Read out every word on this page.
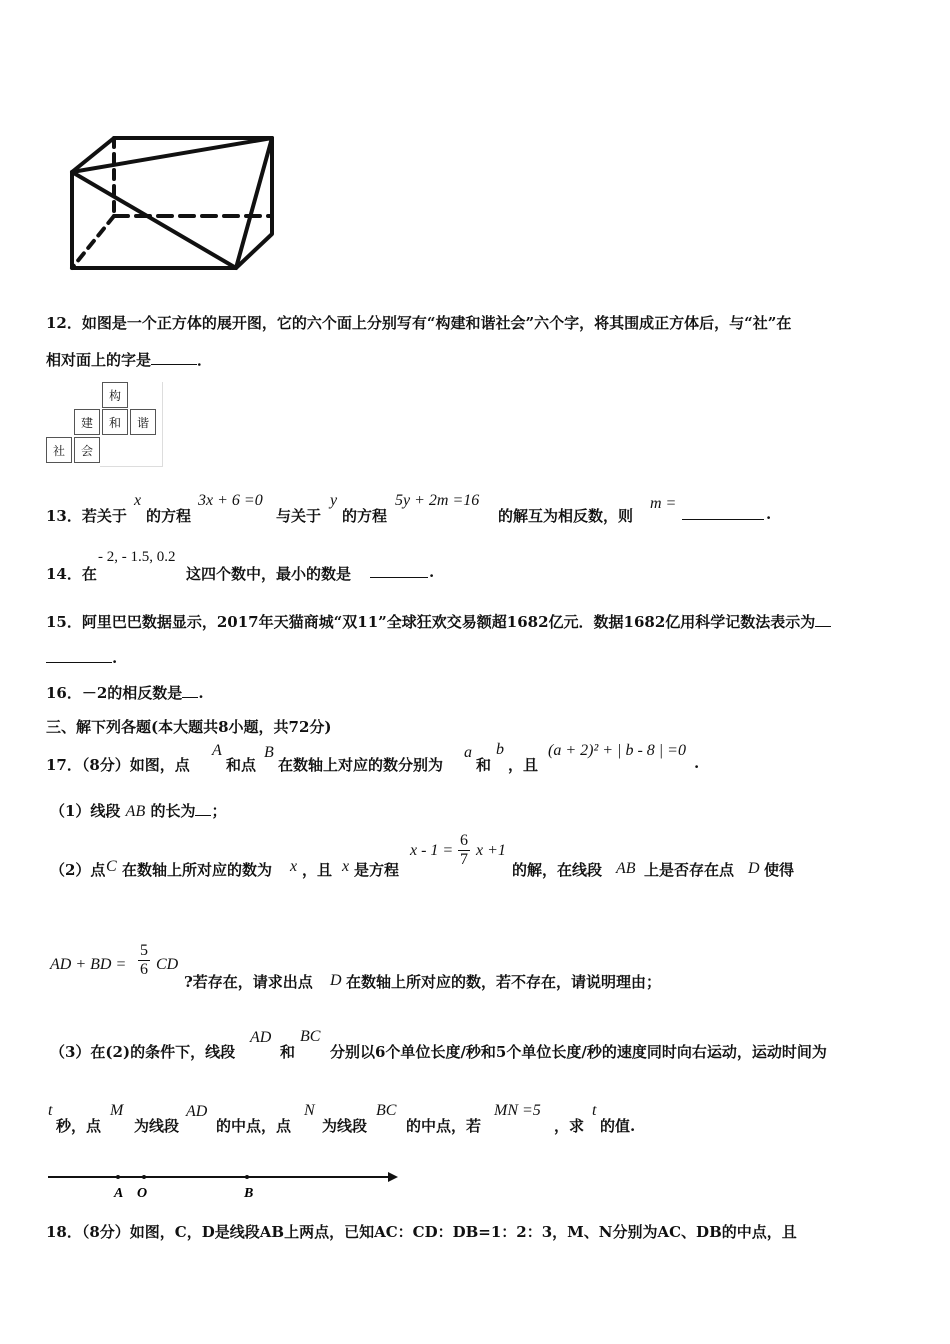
12．如图是一个正方体的展开图，它的六个面上分别写有“构建和谐社会”六个字，将其围成正方体后，与“社”在
相对面上的字是	．
构
建	和	谐
社	会
13．若关于
x
的方程
3x + 6 =0
与关于
y
的方程
5y + 2m =16
的解互为相反数，则
m =
.
14．在
- 2, - 1.5, 0.2
这四个数中，最小的数是	.
15．阿里巴巴数据显示，2017年天猫商城“双11”全球狂欢交易额超1682亿元．数据1682亿用科学记数法表示为
.
16．－2的相反数是 .
三、解下列各题(本大题共8小题，共72分)
17．（8分）如图，点
A
和点
B
在数轴上对应的数分别为
a
和
b
，且
(a + 2)² + | b - 8 | =0
.
（1）线段 AB 的长为 ；
（2）点 C 在数轴上所对应的数为 x ，且 x 是方程
$x - 1 = \frac{6}{7}$ x +1
的解，在线段 AB 上是否存在点 D 使得
AD + BD = $\frac{5}{6}$ CD
?若存在，请求出点 D 在数轴上所对应的数，若不存在，请说明理由；
（3）在(2)的条件下，线段
AD
和
BC
分别以6个单位长度/秒和5个单位长度/秒的速度同时向右运动，运动时间为
t
秒，点
M
为线段
AD
的中点，点
N
为线段
BC
的中点，若
MN =5
，求
t
的值.
A O	B
18．（8分）如图，C，D是线段AB上两点，已知AC：CD：DB=1：2：3，M、N分别为AC、DB的中点，且
